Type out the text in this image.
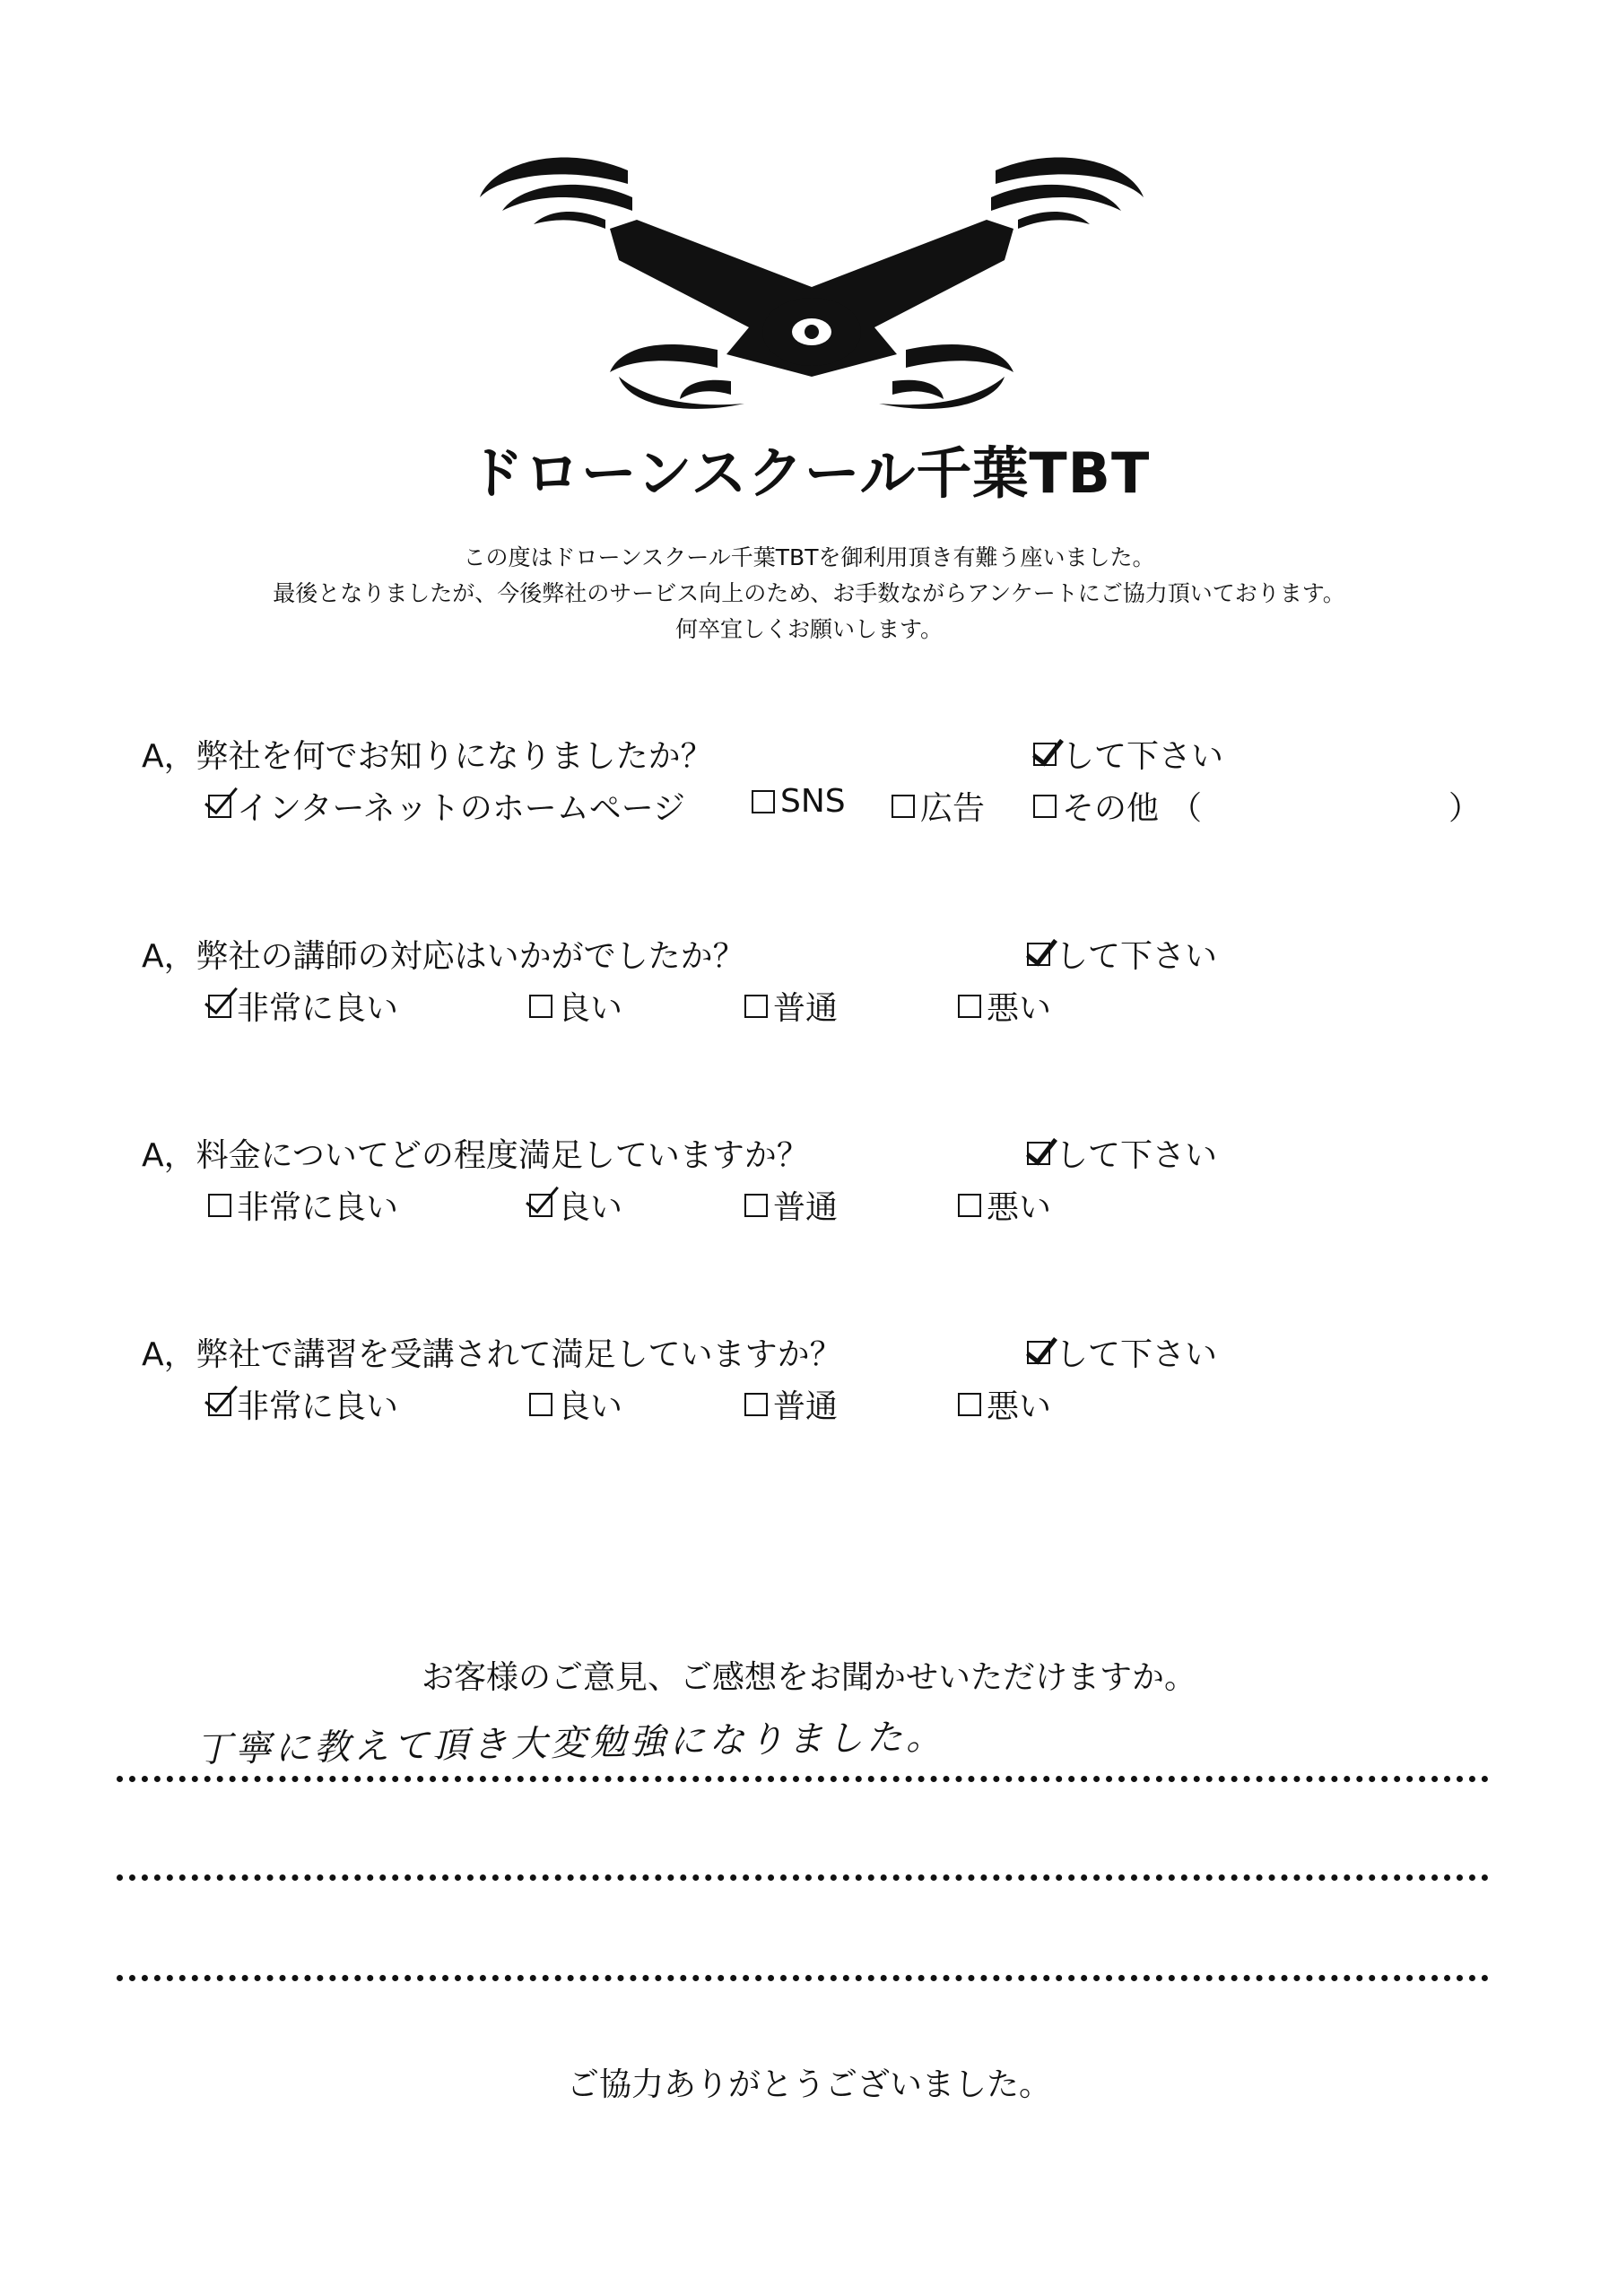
ドローンスクール千葉TBT
この度はドローンスクール千葉TBTを御利用頂き有難う座いました。
最後となりましたが、今後弊社のサービス向上のため、お手数ながらアンケートにご協力頂いております。
何卒宜しくお願いします。
A，弊社を何でお知りになりましたか？	して下さい
インターネットのホームページ	SNS 広告 その他 （	）
A，弊社の講師の対応はいかがでしたか？	して下さい
非常に良い	良い	普通	悪い
A，料金についてどの程度満足していますか？	して下さい
非常に良い	良い	普通	悪い
A，弊社で講習を受講されて満足していますか？	して下さい
非常に良い	良い	普通	悪い
お客様のご意見、ご感想をお聞かせいただけますか。
丁寧に教えて頂き大変勉強になりました。
ご協力ありがとうございました。
